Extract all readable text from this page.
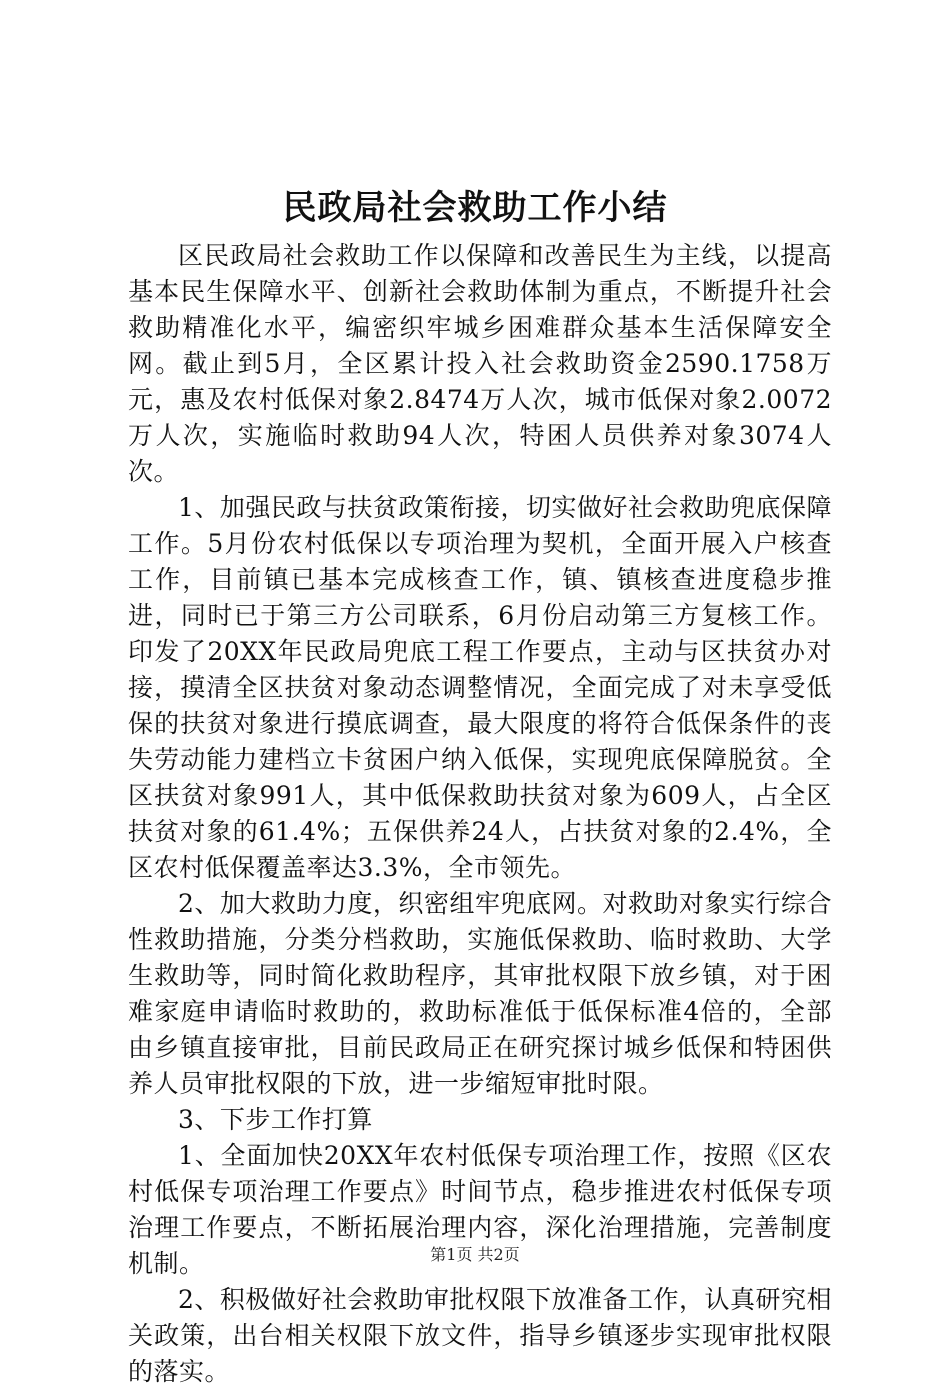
民政局社会救助工作小结

区民政局社会救助工作以保障和改善民生为主线，以提高基本民生保障水平、创新社会救助体制为重点，不断提升社会救助精准化水平，编密织牢城乡困难群众基本生活保障安全网。截止到5月，全区累计投入社会救助资金2590.1758万元，惠及农村低保对象2.8474万人次，城市低保对象2.0072万人次，实施临时救助94人次，特困人员供养对象3074人次。

1、加强民政与扶贫政策衔接，切实做好社会救助兜底保障工作。5月份农村低保以专项治理为契机，全面开展入户核查工作，目前镇已基本完成核查工作，镇、镇核查进度稳步推进，同时已于第三方公司联系，6月份启动第三方复核工作。印发了20XX年民政局兜底工程工作要点，主动与区扶贫办对接，摸清全区扶贫对象动态调整情况，全面完成了对未享受低保的扶贫对象进行摸底调查，最大限度的将符合低保条件的丧失劳动能力建档立卡贫困户纳入低保，实现兜底保障脱贫。全区扶贫对象991人，其中低保救助扶贫对象为609人，占全区扶贫对象的61.4%；五保供养24人，占扶贫对象的2.4%，全区农村低保覆盖率达3.3%，全市领先。

2、加大救助力度，织密组牢兜底网。对救助对象实行综合性救助措施，分类分档救助，实施低保救助、临时救助、大学生救助等，同时简化救助程序，其审批权限下放乡镇，对于困难家庭申请临时救助的，救助标准低于低保标准4倍的，全部由乡镇直接审批，目前民政局正在研究探讨城乡低保和特困供养人员审批权限的下放，进一步缩短审批时限。

3、下步工作打算

1、全面加快20XX年农村低保专项治理工作，按照《区农村低保专项治理工作要点》时间节点，稳步推进农村低保专项治理工作要点，不断拓展治理内容，深化治理措施，完善制度机制。

2、积极做好社会救助审批权限下放准备工作，认真研究相关政策，出台相关权限下放文件，指导乡镇逐步实现审批权限的落实。

第1页 共2页
